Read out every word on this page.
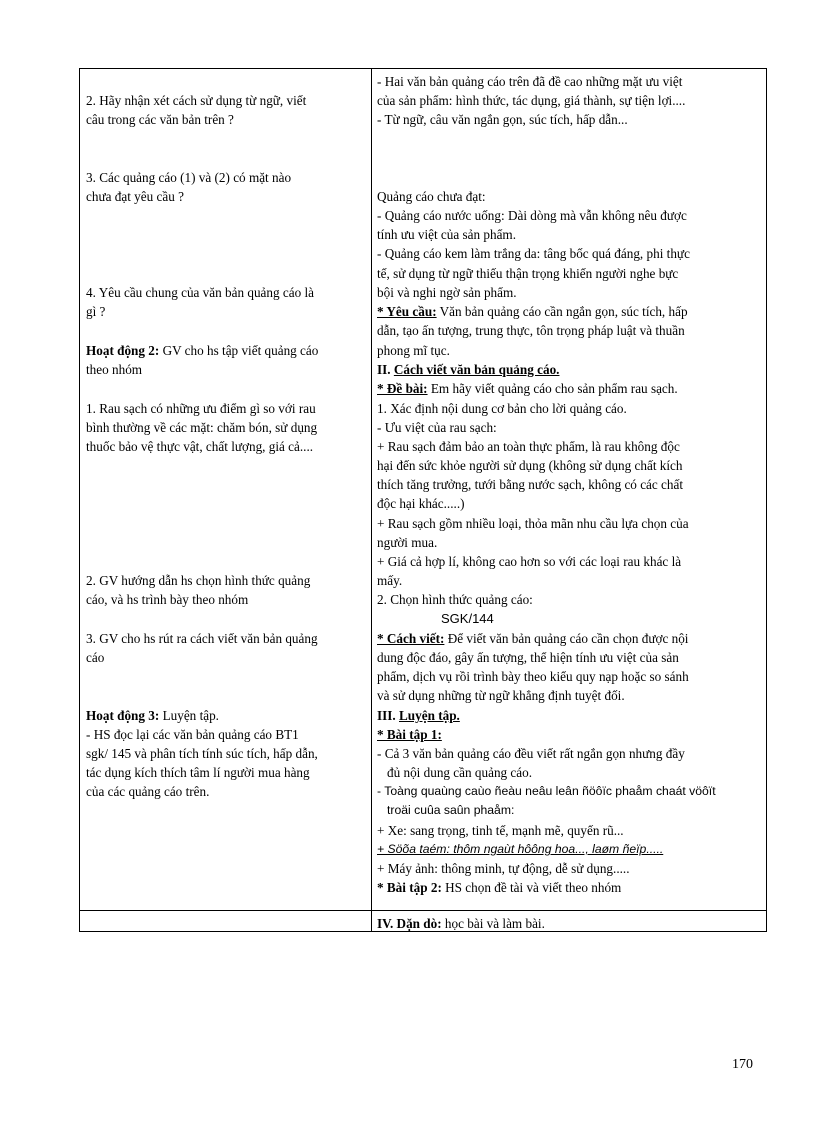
2. Hãy nhận xét cách sử dụng từ ngữ, viết
câu trong các văn bản trên ?
3. Các quảng cáo (1) và (2) có mặt nào
chưa đạt yêu cầu ?
4. Yêu cầu chung của văn bản quảng cáo là
gì ?
Hoạt động 2: GV cho hs tập viết quảng cáo
theo nhóm
1. Rau sạch có những ưu điểm gì so với rau
bình thường về các mặt: chăm bón, sử dụng
thuốc bảo vệ thực vật, chất lượng, giá cả....
2. GV hướng dẫn hs chọn hình thức quảng
cáo, và hs trình bày theo nhóm
3. GV cho hs rút ra cách viết văn bản quảng
cáo
Hoạt động 3: Luyện tập.
- HS đọc lại các văn bản quảng cáo BT1
sgk/ 145 và phân tích tính súc tích, hấp dẫn,
tác dụng kích thích tâm lí người mua hàng
của các quảng cáo trên.
- Hai văn bản quảng cáo trên đã đề cao những mặt ưu việt
của sản phẩm: hình thức, tác dụng, giá thành, sự tiện lợi....
- Từ ngữ, câu văn ngắn gọn, súc tích, hấp dẫn...
Quảng cáo chưa đạt:
- Quảng cáo nước uống: Dài dòng mà vẫn không nêu được
tính ưu việt của sản phẩm.
- Quảng cáo kem làm trắng da: tâng bốc quá đáng, phi thực
tế, sử dụng từ ngữ thiếu thận trọng khiến người nghe bực
bội và nghi ngờ sản phẩm.
* Yêu cầu: Văn bản quảng cáo cần ngắn gọn, súc tích, hấp
dẫn, tạo ấn tượng, trung thực, tôn trọng pháp luật và thuần
phong mĩ tục.
II. Cách viết văn bản quảng cáo.
* Đề bài: Em hãy viết quảng cáo cho sản phẩm rau sạch.
1. Xác định nội dung cơ bản cho lời quảng cáo.
- Ưu việt của rau sạch:
+ Rau sạch đảm bảo an toàn thực phẩm, là rau không độc
hại đến sức khỏe người sử dụng (không sử dụng chất kích
thích tăng trưởng, tưới bằng nước sạch, không có các chất
độc hại khác.....)
+ Rau sạch gồm nhiều loại, thỏa mãn nhu cầu lựa chọn của
người mua.
+ Giá cả hợp lí, không cao hơn so với các loại rau khác là
mấy.
2. Chọn hình thức quảng cáo:
SGK/144
* Cách viết: Để viết văn bản quảng cáo cần chọn được nội
dung độc đáo, gây ấn tượng, thể hiện tính ưu việt của sản
phẩm, dịch vụ rồi trình bày theo kiểu quy nạp hoặc so sánh
và sử dụng những từ ngữ khẳng định tuyệt đối.
III. Luyện tập.
* Bài tập 1:
- Cả 3 văn bản quảng cáo đều viết rất ngắn gọn nhưng đầy
đủ nội dung cần quảng cáo.
- Toàng quaùng caùo ñeàu neâu leân ñöôïc phaåm chaát vöôït
troäi cuûa saûn phaåm:
+ Xe: sang trọng, tinh tế, mạnh mẽ, quyến rũ...
+ Söõa taém: thôm ngaùt hôông hoa..., laøm ñeïp.....
+ Máy ảnh: thông minh, tự động, dễ sử dụng.....
* Bài tập 2: HS chọn đề tài và viết theo nhóm
IV. Dặn dò: học bài và làm bài.
170
